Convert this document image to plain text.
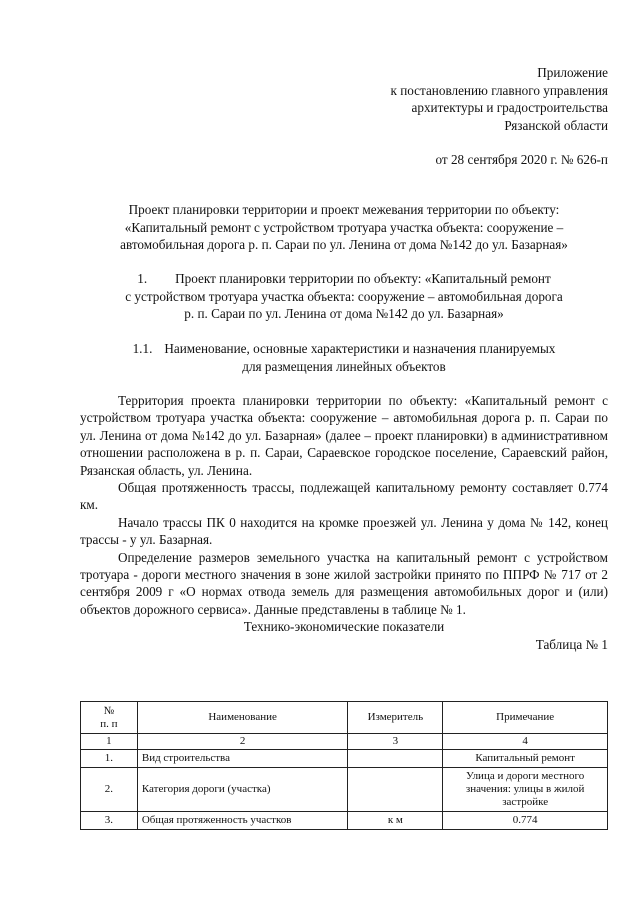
Приложение
к постановлению главного управления
архитектуры и градостроительства
Рязанской области
от 28 сентября 2020 г. № 626-п
Проект планировки территории и проект межевания территории по объекту:
«Капитальный ремонт с устройством тротуара участка объекта: сооружение –
автомобильная дорога р. п. Сараи по ул. Ленина от дома №142 до ул. Базарная»
1. Проект планировки территории по объекту: «Капитальный ремонт
с устройством тротуара участка объекта: сооружение – автомобильная дорога
р. п. Сараи по ул. Ленина от дома №142 до ул. Базарная»
1.1. Наименование, основные характеристики и назначения планируемых
для размещения линейных объектов

Территория проекта планировки территории по объекту: «Капитальный ремонт с устройством тротуара участка объекта: сооружение – автомобильная дорога р. п. Сараи по ул. Ленина от дома №142 до ул. Базарная» (далее – проект планировки) в административном отношении расположена в р. п. Сараи, Сараевское городское поселение, Сараевский район, Рязанская область, ул. Ленина.

Общая протяженность трассы, подлежащей капитальному ремонту составляет 0.774 км.

Начало трассы ПК 0 находится на кромке проезжей ул. Ленина у дома № 142, конец трассы - у ул. Базарная.

Определение размеров земельного участка на капитальный ремонт с устройством тротуара - дороги местного значения в зоне жилой застройки принято по ППРФ № 717 от 2 сентября 2009 г «О нормах отвода земель для размещения автомобильных дорог и (или) объектов дорожного сервиса». Данные представлены в таблице № 1.

Технико-экономические показатели

Таблица № 1

№
п. п	Наименование	Измеритель	Примечание
1	2	3	4
1.	Вид строительства		Капитальный ремонт
2.	Категория дороги (участка)		Улица и дороги местного значения: улицы в жилой застройке
3.	Общая протяженность участков	к м	0.774
